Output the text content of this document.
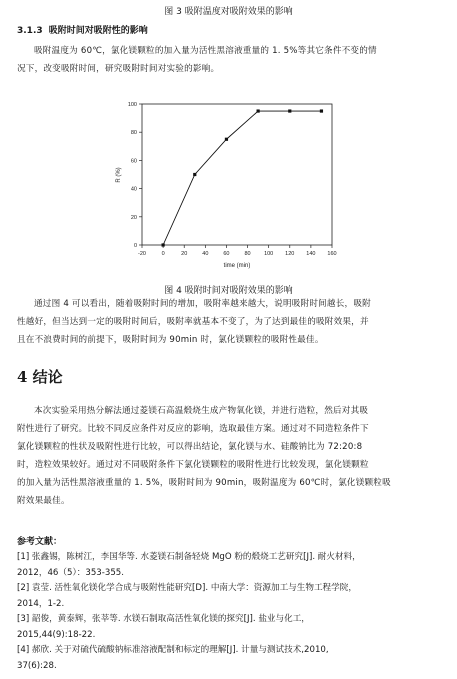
图 3 吸附温度对吸附效果的影响
3.1.3 吸附时间对吸附性的影响
吸附温度为 60℃，氯化镁颗粒的加入量为活性黑溶液重量的 1. 5%等其它条件不变的情
况下，改变吸附时间，研究吸附时间对实验的影响。
-20	0	20	40	60	80 100 120 140 160
0
20
40
60
80
100
R (%)
time (min)
图 4 吸附时间对吸附效果的影响
通过图 4 可以看出，随着吸附时间的增加，吸附率越来越大，说明吸附时间越长，吸附
性越好，但当达到一定的吸附时间后，吸附率就基本不变了，为了达到最佳的吸附效果，并
且在不浪费时间的前提下，吸附时间为 90min 时，氯化镁颗粒的吸附性最佳。
4 结论
本次实验采用热分解法通过菱镁石高温煅烧生成产物氧化镁，并进行造粒，然后对其吸
附性进行了研究。比较不同反应条件对反应的影响，选取最佳方案。通过对不同造粒条件下
氯化镁颗粒的性状及吸附性进行比较，可以得出结论，氯化镁与水、硅酸钠比为 72:20:8
时，造粒效果较好。通过对不同吸附条件下氯化镁颗粒的吸附性进行比较发现，氯化镁颗粒
的加入量为活性黑溶液重量的 1. 5%，吸附时间为 90min，吸附温度为 60℃时，氯化镁颗粒吸
附效果最佳。
参考文献：
[1] 张鑫锡，陈树江，李国华等. 水菱镁石制备轻烧 MgO 粉的煅烧工艺研究[J]. 耐火材料，
2012，46（5）：353-355.
[2] 袁莹. 活性氧化镁化学合成与吸附性能研究[D]. 中南大学：资源加工与生物工程学院，
2014，1-2.
[3] 韶俊，黄泰辉，张莘等. 水镁石制取高活性氧化镁的探究[J]. 盐业与化工，
2015,44(9):18-22.
[4] 郝欣. 关于对硫代硫酸钠标准溶液配制和标定的理解[J]. 计量与测试技术,2010,
37(6):28.
